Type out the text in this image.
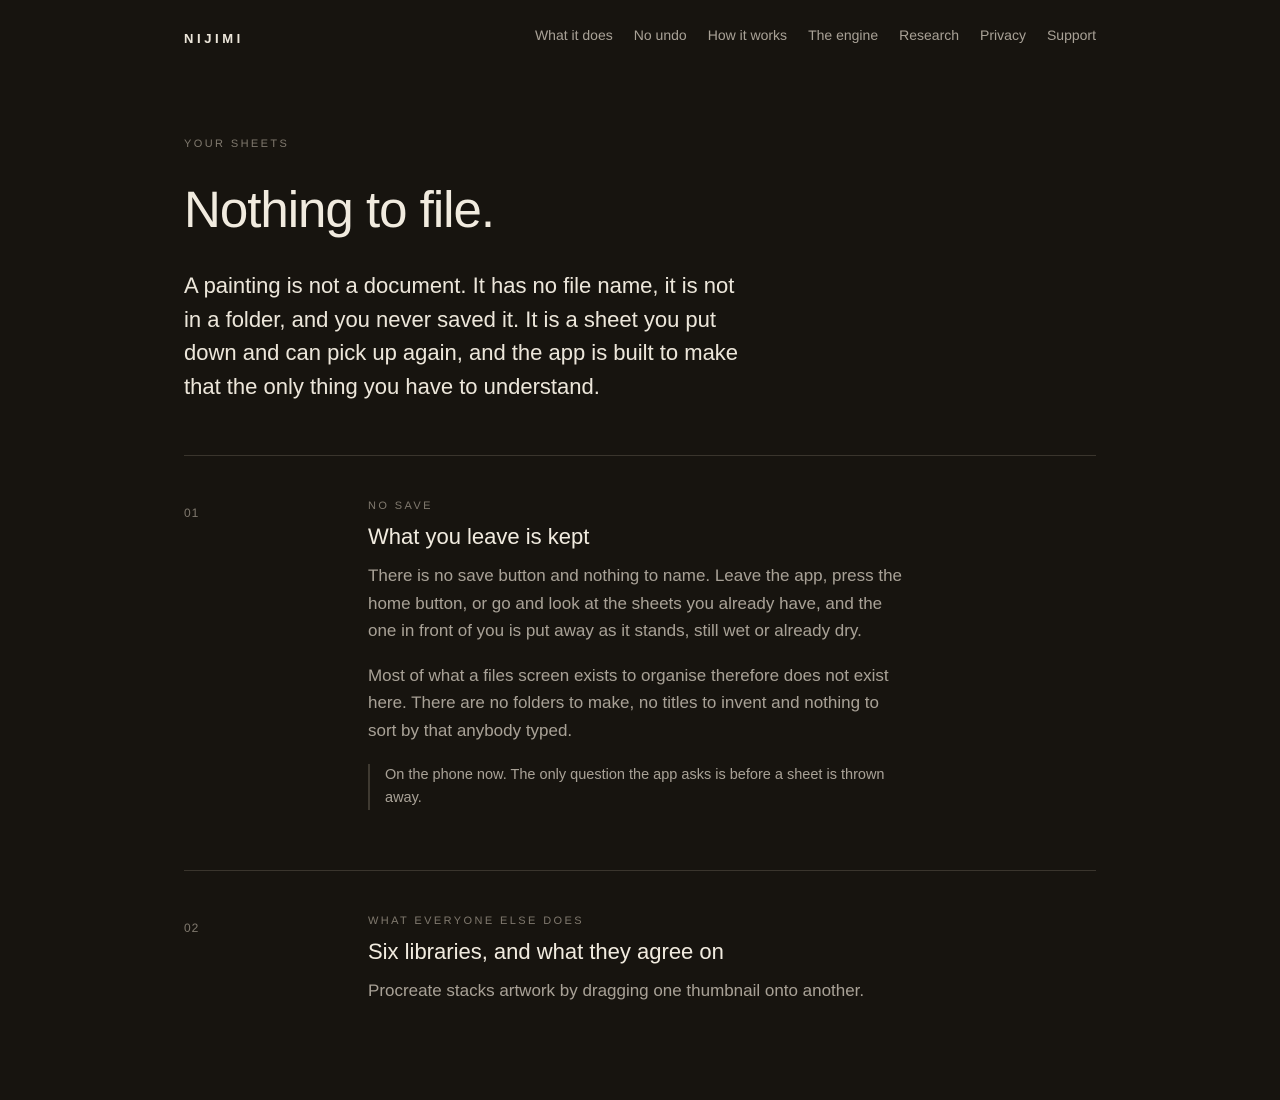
NIJIMI	What it does No undo How it works The engine Research Privacy Support
YOUR SHEETS
Nothing to file.

A painting is not a document. It has no file name, it is not in a folder, and you never saved it. It is a sheet you put down and can pick up again, and the app is built to make that the only thing you have to understand.

01	NO SAVE
What you leave is kept

There is no save button and nothing to name. Leave the app, press the home button, or go and look at the sheets you already have, and the one in front of you is put away as it stands, still wet or already dry.

Most of what a files screen exists to organise therefore does not exist here. There are no folders to make, no titles to invent and nothing to sort by that anybody typed.

On the phone now. The only question the app asks is before a sheet is thrown away.
02	WHAT EVERYONE ELSE DOES
Six libraries, and what they agree on

Procreate stacks artwork by dragging one thumbnail onto another.
